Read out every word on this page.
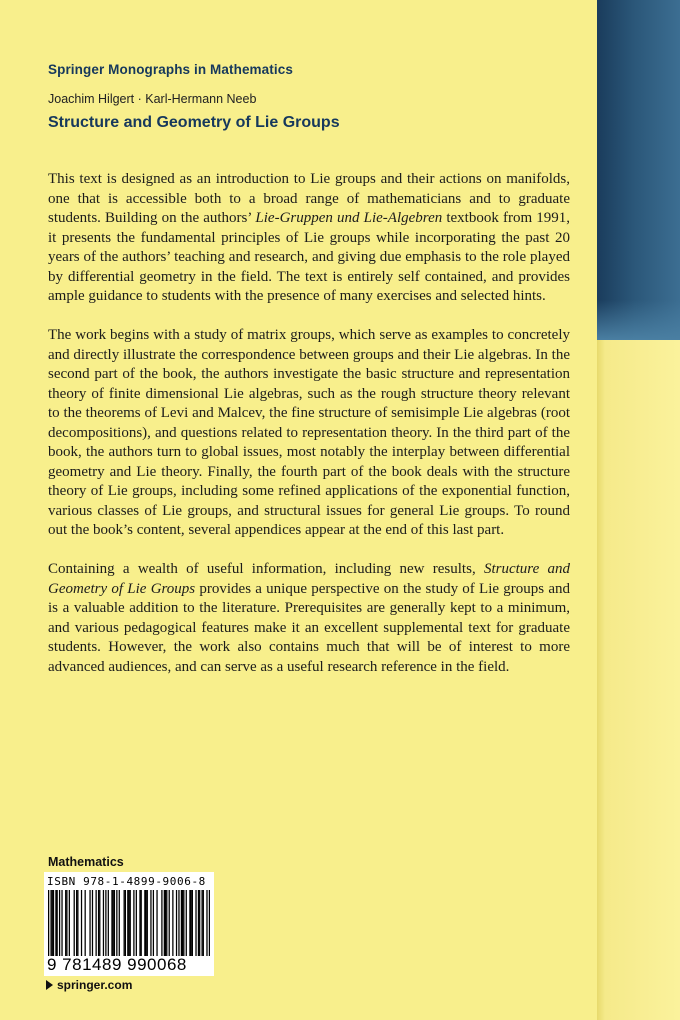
Springer Monographs in Mathematics
Joachim Hilgert · Karl-Hermann Neeb
Structure and Geometry of Lie Groups

This text is designed as an introduction to Lie groups and their actions on manifolds, one that is accessible both to a broad range of mathematicians and to graduate students. Building on the authors’ Lie-Gruppen und Lie-Algebren textbook from 1991, it presents the fundamental principles of Lie groups while incorporating the past 20 years of the authors’ teaching and research, and giving due emphasis to the role played by differential geometry in the field. The text is entirely self contained, and provides ample guidance to students with the presence of many exercises and selected hints.

The work begins with a study of matrix groups, which serve as examples to concretely and directly illustrate the correspondence between groups and their Lie algebras. In the second part of the book, the authors investigate the basic structure and representation theory of finite dimensional Lie algebras, such as the rough structure theory relevant to the theorems of Levi and Malcev, the fine structure of semisimple Lie algebras (root decompositions), and questions related to representation theory. In the third part of the book, the authors turn to global issues, most notably the interplay between differential geometry and Lie theory. Finally, the fourth part of the book deals with the structure theory of Lie groups, including some refined applications of the exponential function, various classes of Lie groups, and structural issues for general Lie groups. To round out the book’s content, several appendices appear at the end of this last part.

Containing a wealth of useful information, including new results, Structure and Geometry of Lie Groups provides a unique perspective on the study of Lie groups and is a valuable addition to the literature. Prerequisites are generally kept to a minimum, and various pedagogical features make it an excellent supplemental text for graduate students. However, the work also contains much that will be of interest to more advanced audiences, and can serve as a useful research reference in the field.

Mathematics
ISBN 978-1-4899-9006-8
9 781489 990068
springer.com
